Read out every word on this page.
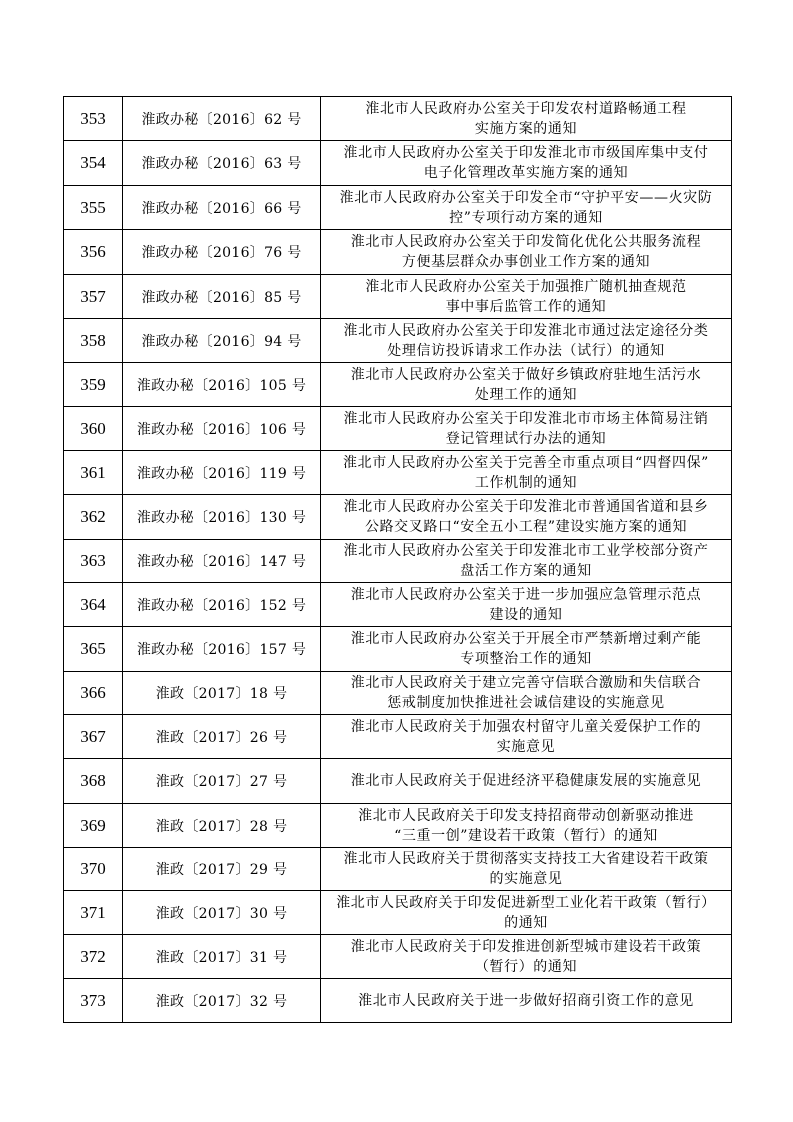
353	淮政办秘〔2016〕62 号	淮北市人民政府办公室关于印发农村道路畅通工程
实施方案的通知

354	淮政办秘〔2016〕63 号	淮北市人民政府办公室关于印发淮北市市级国库集中支付
电子化管理改革实施方案的通知

355	淮政办秘〔2016〕66 号	淮北市人民政府办公室关于印发全市“守护平安——火灾防
控”专项行动方案的通知

356	淮政办秘〔2016〕76 号	淮北市人民政府办公室关于印发简化优化公共服务流程
方便基层群众办事创业工作方案的通知

357	淮政办秘〔2016〕85 号	淮北市人民政府办公室关于加强推广随机抽查规范
事中事后监管工作的通知

358	淮政办秘〔2016〕94 号	淮北市人民政府办公室关于印发淮北市通过法定途径分类
处理信访投诉请求工作办法（试行）的通知

359	淮政办秘〔2016〕105 号	淮北市人民政府办公室关于做好乡镇政府驻地生活污水
处理工作的通知

360	淮政办秘〔2016〕106 号	淮北市人民政府办公室关于印发淮北市市场主体简易注销
登记管理试行办法的通知

361	淮政办秘〔2016〕119 号	淮北市人民政府办公室关于完善全市重点项目“四督四保”
工作机制的通知

362	淮政办秘〔2016〕130 号	淮北市人民政府办公室关于印发淮北市普通国省道和县乡
公路交叉路口“安全五小工程”建设实施方案的通知

363	淮政办秘〔2016〕147 号	淮北市人民政府办公室关于印发淮北市工业学校部分资产
盘活工作方案的通知

364	淮政办秘〔2016〕152 号	淮北市人民政府办公室关于进一步加强应急管理示范点
建设的通知

365	淮政办秘〔2016〕157 号	淮北市人民政府办公室关于开展全市严禁新增过剩产能
专项整治工作的通知

366	淮政〔2017〕18 号	淮北市人民政府关于建立完善守信联合激励和失信联合
惩戒制度加快推进社会诚信建设的实施意见

367	淮政〔2017〕26 号	淮北市人民政府关于加强农村留守儿童关爱保护工作的
实施意见

368	淮政〔2017〕27 号	淮北市人民政府关于促进经济平稳健康发展的实施意见

369	淮政〔2017〕28 号	淮北市人民政府关于印发支持招商带动创新驱动推进
“三重一创”建设若干政策（暂行）的通知

370	淮政〔2017〕29 号	淮北市人民政府关于贯彻落实支持技工大省建设若干政策
的实施意见

371	淮政〔2017〕30 号	淮北市人民政府关于印发促进新型工业化若干政策（暂行）
的通知

372	淮政〔2017〕31 号	淮北市人民政府关于印发推进创新型城市建设若干政策
（暂行）的通知

373	淮政〔2017〕32 号	淮北市人民政府关于进一步做好招商引资工作的意见
